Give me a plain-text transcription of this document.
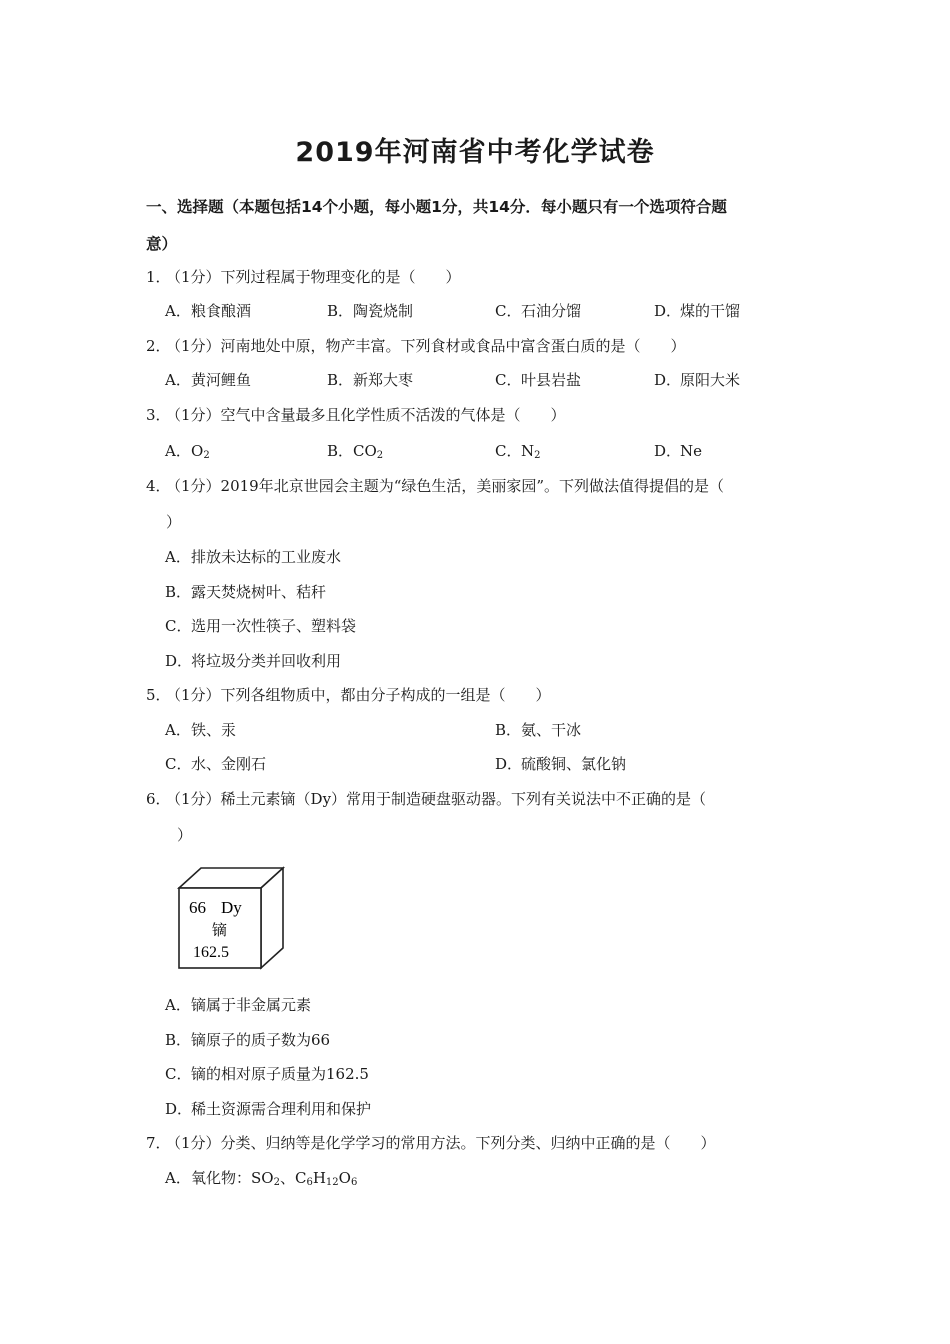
2019年河南省中考化学试卷
一、选择题（本题包括14个小题，每小题1分，共14分．每小题只有一个选项符合题
意）
1．（1分）下列过程属于物理变化的是（　　）
A．粮食酿酒	B．陶瓷烧制	C．石油分馏	D．煤的干馏
2．（1分）河南地处中原，物产丰富。下列食材或食品中富含蛋白质的是（　　）
A．黄河鲤鱼	B．新郑大枣	C．叶县岩盐	D．原阳大米
3．（1分）空气中含量最多且化学性质不活泼的气体是（　　）
A．$O_2$	B．$CO_2$	C．$N_2$	D．Ne
4．（1分）2019年北京世园会主题为“绿色生活，美丽家园”。下列做法值得提倡的是（
）
A．排放未达标的工业废水
B．露天焚烧树叶、秸秆
C．选用一次性筷子、塑料袋
D．将垃圾分类并回收利用
5．（1分）下列各组物质中，都由分子构成的一组是（　　）
A．铁、汞	B．氨、干冰
C．水、金刚石	D．硫酸铜、氯化钠
6．（1分）稀土元素镝（Dy）常用于制造硬盘驱动器。下列有关说法中不正确的是（
）
66 Dy
镝
162.5
A．镝属于非金属元素
B．镝原子的质子数为66
C．镝的相对原子质量为162.5
D．稀土资源需合理利用和保护
7．（1分）分类、归纳等是化学学习的常用方法。下列分类、归纳中正确的是（　　）
A．氧化物：$SO_2$、$C_6H_{12}O_6$
